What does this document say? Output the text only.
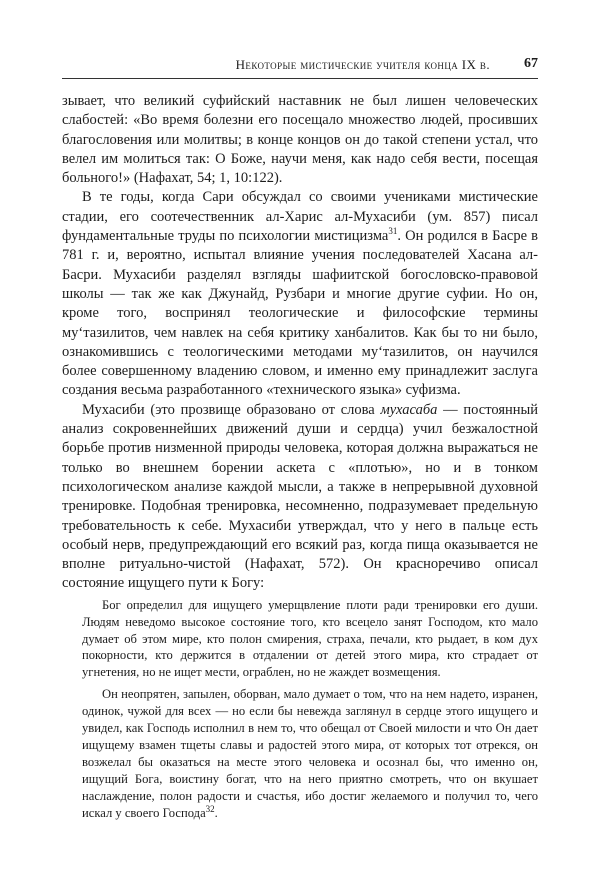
Некоторые мистические учителя конца IX в. 67

зывает, что великий суфийский наставник не был лишен человеческих слабостей: «Во время болезни его посещало множество людей, просивших благословения или молитвы; в конце концов он до такой степени устал, что велел им молиться так: О Боже, научи меня, как надо себя вести, посещая больного!» (Нафахат, 54; 1, 10:122).

В те годы, когда Сари обсуждал со своими учениками мистические стадии, его соотечественник ал-Харис ал-Мухасиби (ум. 857) писал фундаментальные труды по психологии мистицизма$^{31}$. Он родился в Басре в 781 г. и, вероятно, испытал влияние учения последователей Хасана ал-Басри. Мухасиби разделял взгляды шафиитской богословско-правовой школы — так же как Джунайд, Рузбари и многие другие суфии. Но он, кроме того, воспринял теологические и философские термины му‘тазилитов, чем навлек на себя критику ханбалитов. Как бы то ни было, ознакомившись с теологическими методами му‘тазилитов, он научился более совершенному владению словом, и именно ему принадлежит заслуга создания весьма разработанного «технического языка» суфизма.

Мухасиби (это прозвище образовано от слова мухасаба — постоянный анализ сокровеннейших движений души и сердца) учил безжалостной борьбе против низменной природы человека, которая должна выражаться не только во внешнем борении аскета с «плотью», но и в тонком психологическом анализе каждой мысли, а также в непрерывной духовной тренировке. Подобная тренировка, несомненно, подразумевает предельную требовательность к себе. Мухасиби утверждал, что у него в пальце есть особый нерв, предупреждающий его всякий раз, когда пища оказывается не вполне ритуально-чистой (Нафахат, 572). Он красноречиво описал состояние ищущего пути к Богу:

Бог определил для ищущего умерщвление плоти ради тренировки его души. Людям неведомо высокое состояние того, кто всецело занят Господом, кто мало думает об этом мире, кто полон смирения, страха, печали, кто рыдает, в ком дух покорности, кто держится в отдалении от детей этого мира, кто страдает от угнетения, но не ищет мести, ограблен, но не жаждет возмещения.

Он неопрятен, запылен, оборван, мало думает о том, что на нем надето, изранен, одинок, чужой для всех — но если бы невежда заглянул в сердце этого ищущего и увидел, как Господь исполнил в нем то, что обещал от Своей милости и что Он дает ищущему взамен тщеты славы и радостей этого мира, от которых тот отрекся, он возжелал бы оказаться на месте этого человека и осознал бы, что именно он, ищущий Бога, воистину богат, что на него приятно смотреть, что он вкушает наслаждение, полон радости и счастья, ибо достиг желаемого и получил то, чего искал у своего Господа$^{32}$.
